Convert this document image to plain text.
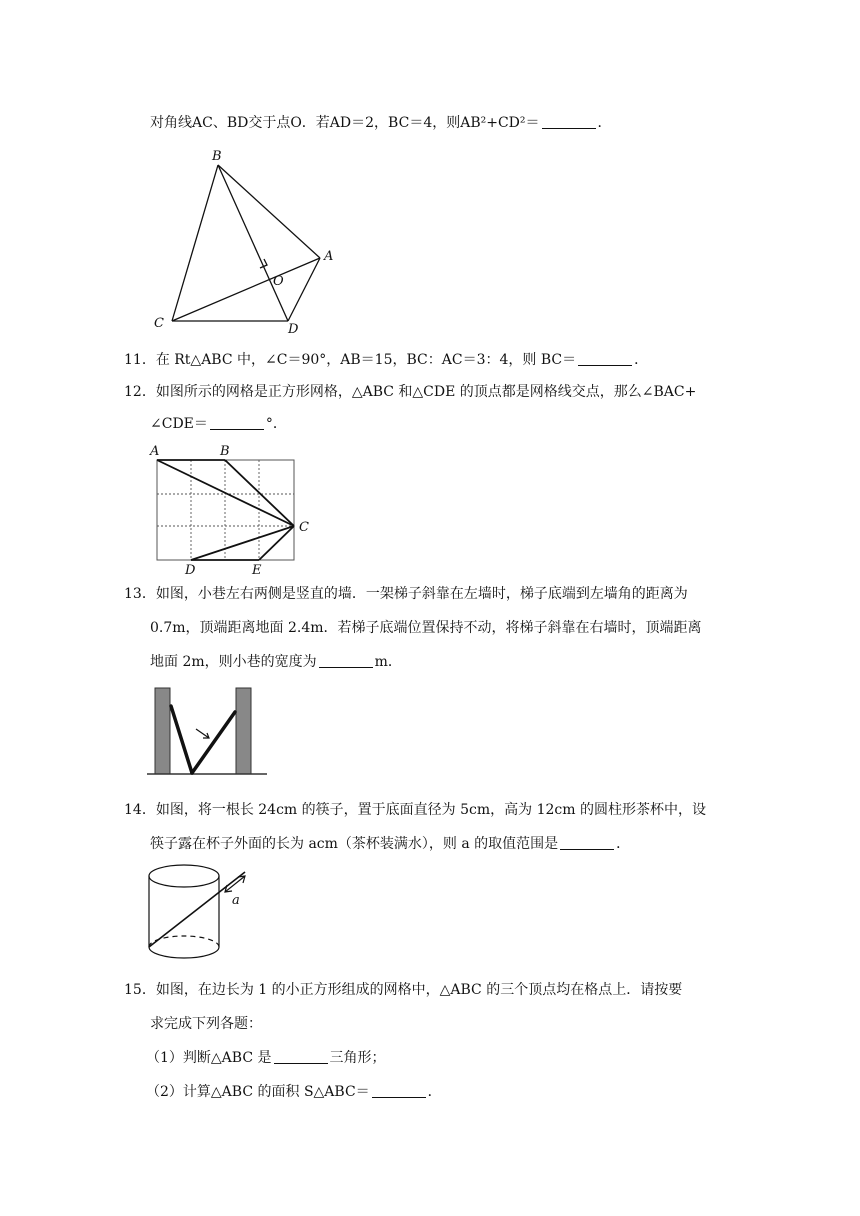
对角线AC、BD交于点O．若AD＝2，BC＝4，则AB²+CD²＝	．
B
A
O
C	D
11．在 Rt△ABC 中，∠C＝90°，AB＝15，BC：AC＝3：4，则 BC＝	．
12．如图所示的网格是正方形网格，△ABC 和△CDE 的顶点都是网格线交点，那么∠BAC+
∠CDE＝	°．
A	B
C
D	E
13．如图，小巷左右两侧是竖直的墙．一架梯子斜靠在左墙时，梯子底端到左墙角的距离为
0.7m，顶端距离地面 2.4m．若梯子底端位置保持不动，将梯子斜靠在右墙时，顶端距离
地面 2m，则小巷的宽度为	m．
14．如图，将一根长 24cm 的筷子，置于底面直径为 5cm，高为 12cm 的圆柱形茶杯中，设
筷子露在杯子外面的长为 acm（茶杯装满水），则 a 的取值范围是	．
a
15．如图，在边长为 1 的小正方形组成的网格中，△ABC 的三个顶点均在格点上．请按要
求完成下列各题：
（1）判断△ABC 是	三角形；
（2）计算△ABC 的面积 S△ABC＝	．
